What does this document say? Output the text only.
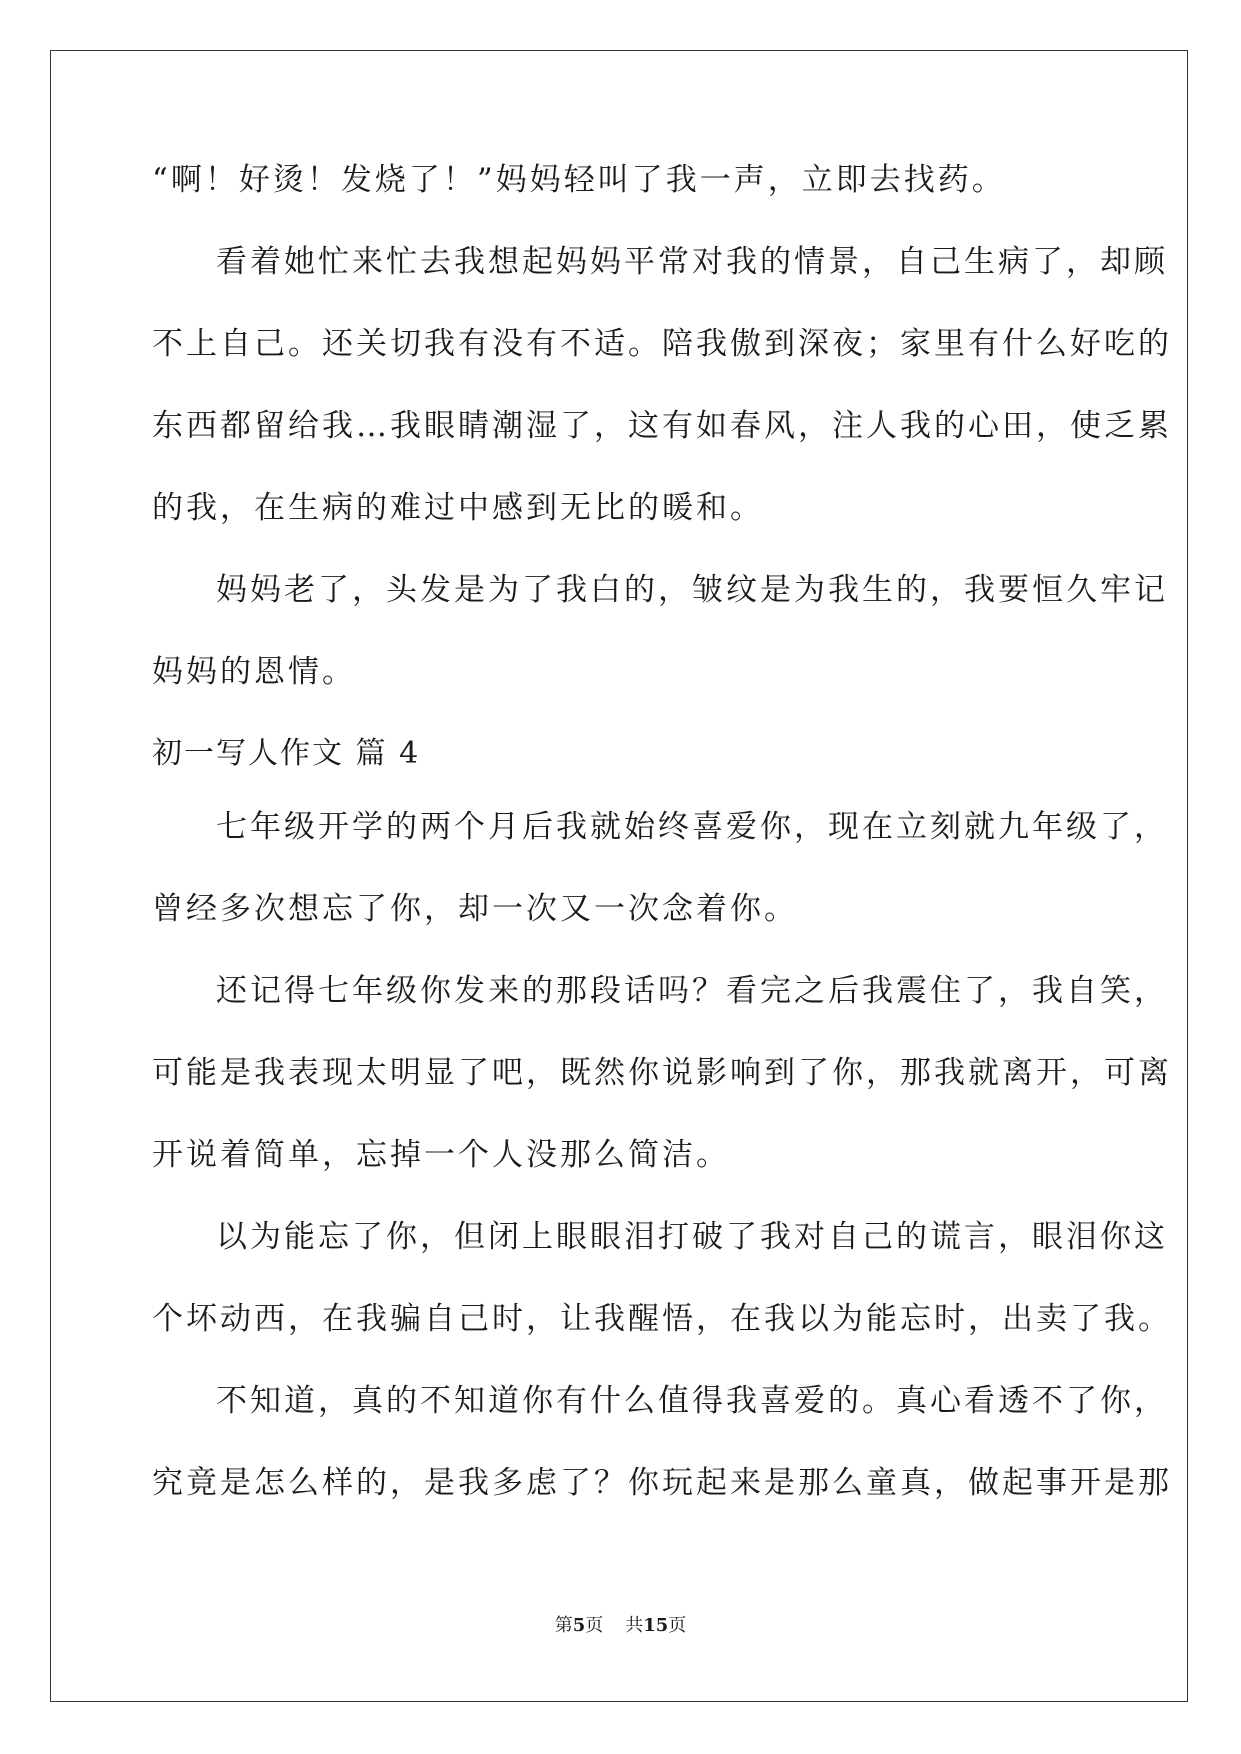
“啊！好烫！发烧了！”妈妈轻叫了我一声，立即去找药。
看着她忙来忙去我想起妈妈平常对我的情景，自己生病了，却顾
不上自己。还关切我有没有不适。陪我傲到深夜；家里有什么好吃的
东西都留给我…我眼睛潮湿了，这有如春风，注人我的心田，使乏累
的我，在生病的难过中感到无比的暖和。
妈妈老了，头发是为了我白的，皱纹是为我生的，我要恒久牢记
妈妈的恩情。
初一写人作文 篇 4
七年级开学的两个月后我就始终喜爱你，现在立刻就九年级了，
曾经多次想忘了你，却一次又一次念着你。
还记得七年级你发来的那段话吗？看完之后我震住了，我自笑，
可能是我表现太明显了吧，既然你说影响到了你，那我就离开，可离
开说着简单，忘掉一个人没那么简洁。
以为能忘了你，但闭上眼眼泪打破了我对自己的谎言，眼泪你这
个坏动西，在我骗自己时，让我醒悟，在我以为能忘时，出卖了我。
不知道，真的不知道你有什么值得我喜爱的。真心看透不了你，
究竟是怎么样的，是我多虑了？你玩起来是那么童真，做起事开是那
第5页 共15页
